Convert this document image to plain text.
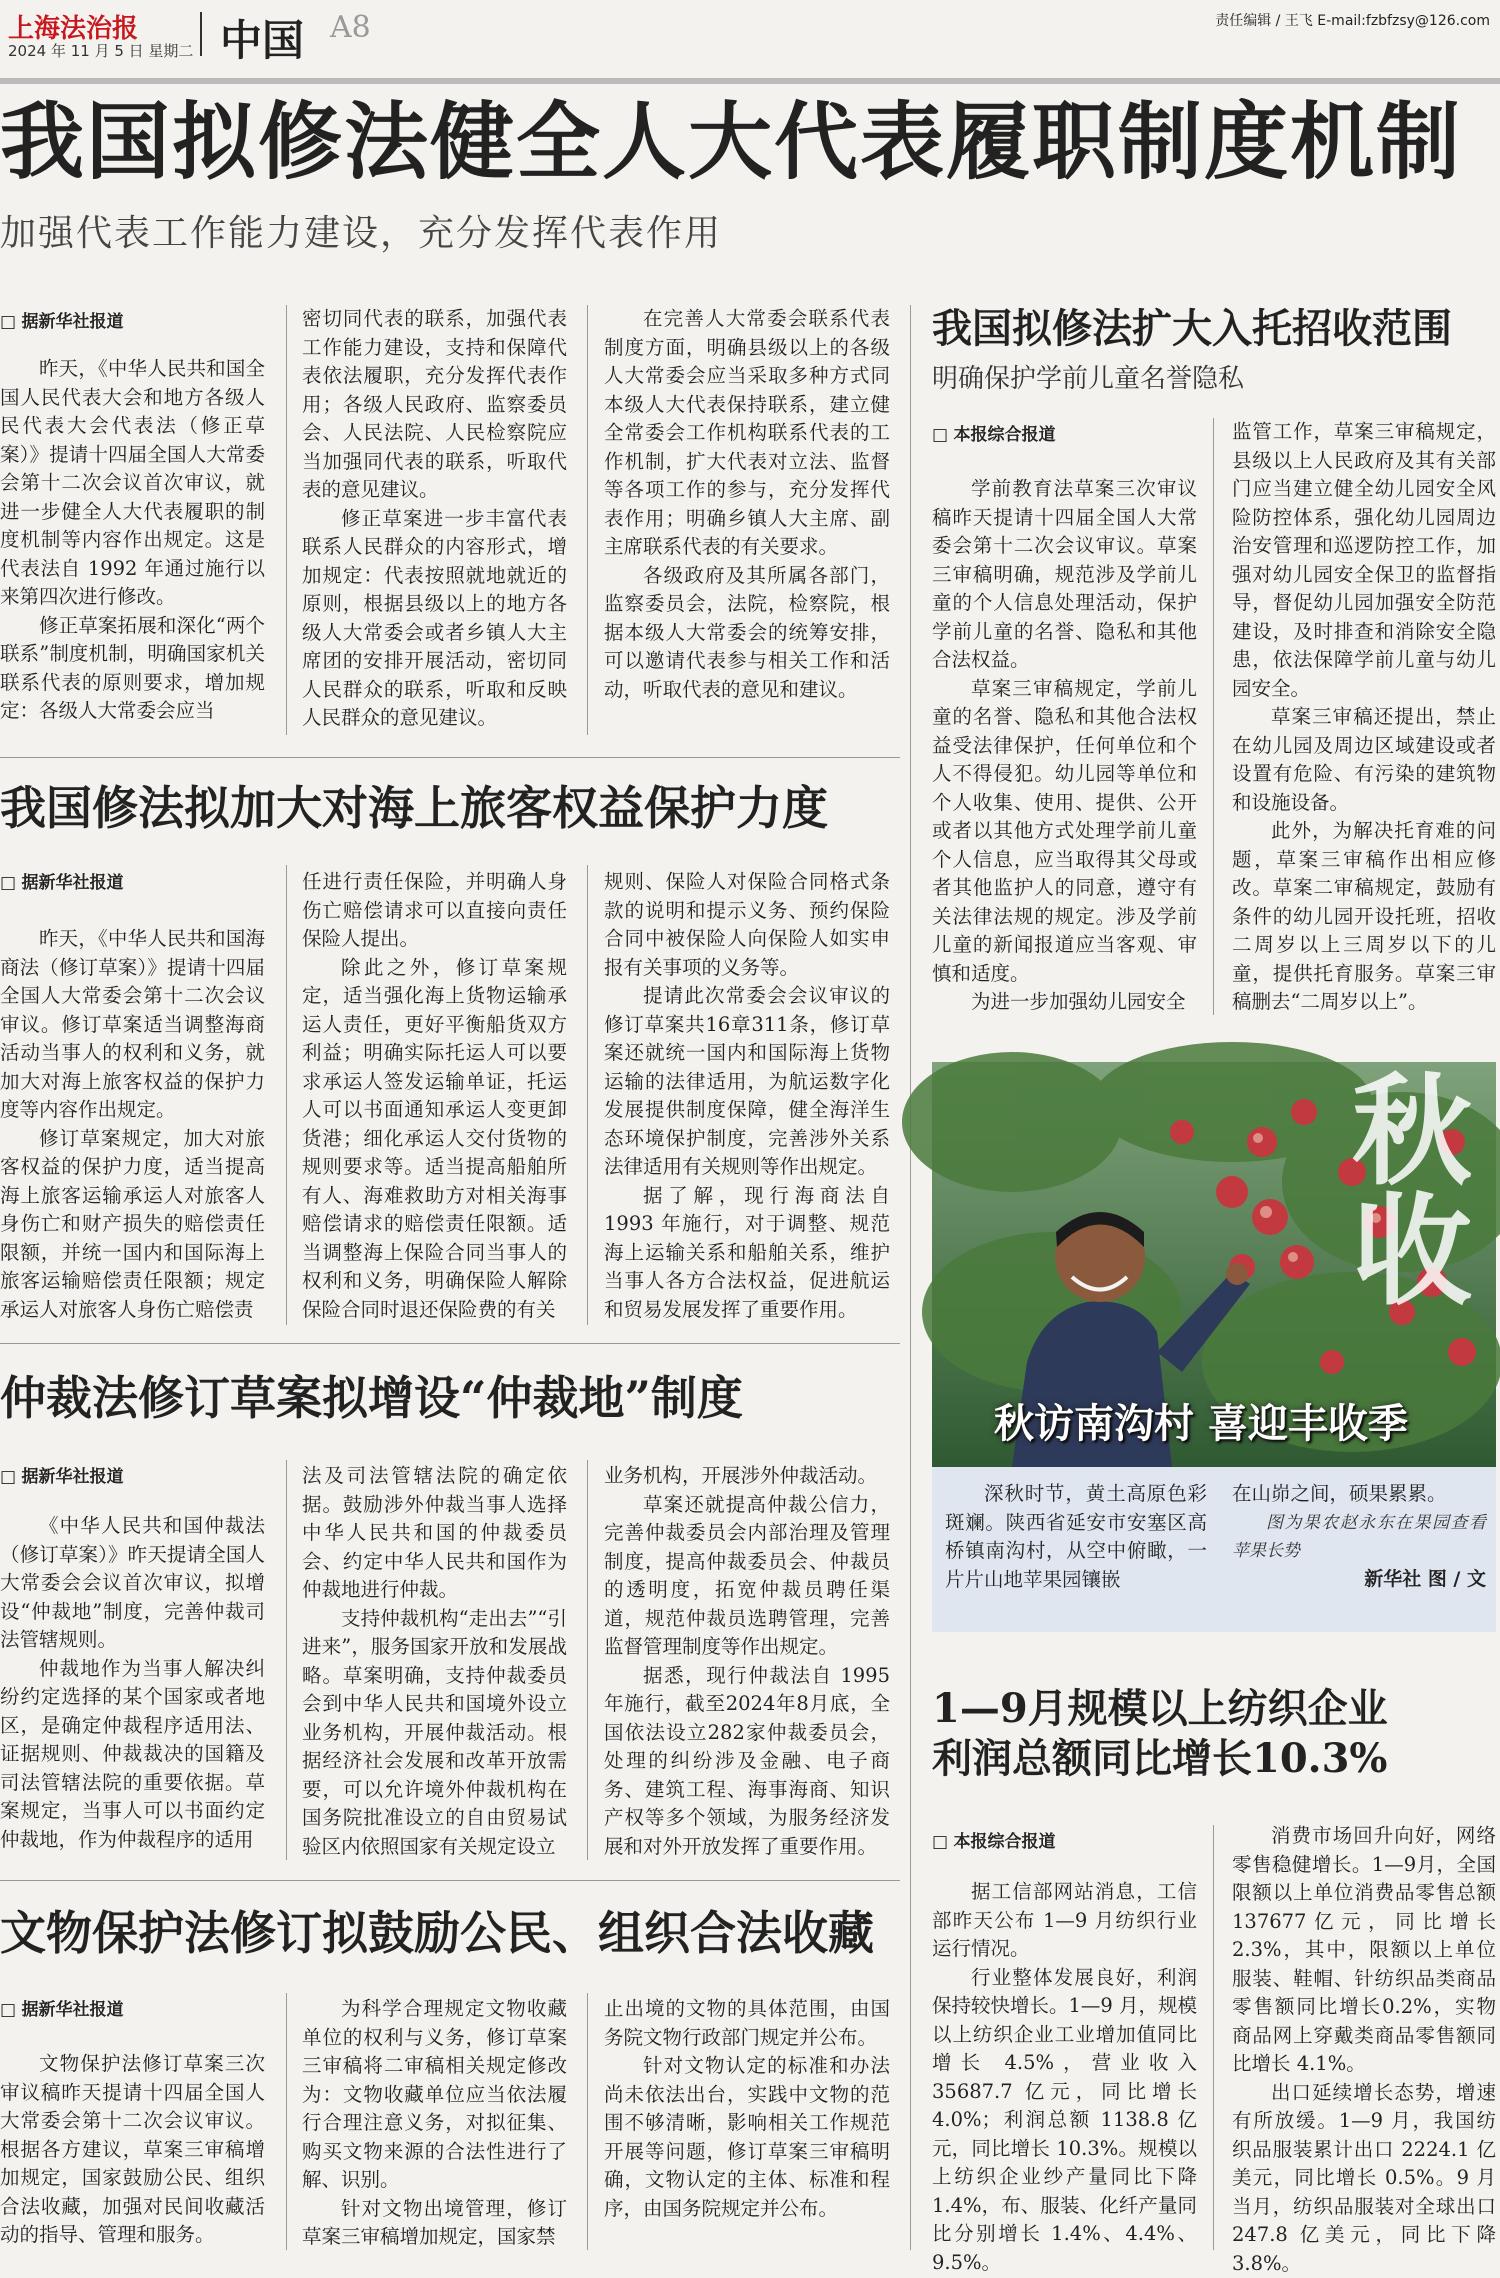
上海法治报
2024 年 11 月 5 日 星期二 中国 A8	责任编辑 / 王飞 E-mail:fzbfzsy@126.com
我国拟修法健全人大代表履职制度机制
加强代表工作能力建设，充分发挥代表作用
□ 据新华社报道

昨天，《中华人民共和国全国人民代表大会和地方各级人民代表大会代表法（修正草案）》提请十四届全国人大常委会第十二次会议首次审议，就进一步健全人大代表履职的制度机制等内容作出规定。这是代表法自 1992 年通过施行以来第四次进行修改。

修正草案拓展和深化“两个联系”制度机制，明确国家机关联系代表的原则要求，增加规定：各级人大常委会应当

密切同代表的联系，加强代表工作能力建设，支持和保障代表依法履职，充分发挥代表作用；各级人民政府、监察委员会、人民法院、人民检察院应当加强同代表的联系，听取代表的意见建议。

修正草案进一步丰富代表联系人民群众的内容形式，增加规定：代表按照就地就近的原则，根据县级以上的地方各级人大常委会或者乡镇人大主席团的安排开展活动，密切同人民群众的联系，听取和反映人民群众的意见建议。

在完善人大常委会联系代表制度方面，明确县级以上的各级人大常委会应当采取多种方式同本级人大代表保持联系，建立健全常委会工作机构联系代表的工作机制，扩大代表对立法、监督等各项工作的参与，充分发挥代表作用；明确乡镇人大主席、副主席联系代表的有关要求。

各级政府及其所属各部门，监察委员会，法院，检察院，根据本级人大常委会的统筹安排，可以邀请代表参与相关工作和活动，听取代表的意见和建议。

我国修法拟加大对海上旅客权益保护力度
□ 据新华社报道

昨天，《中华人民共和国海商法（修订草案）》提请十四届全国人大常委会第十二次会议审议。修订草案适当调整海商活动当事人的权利和义务，就加大对海上旅客权益的保护力度等内容作出规定。

修订草案规定，加大对旅客权益的保护力度，适当提高海上旅客运输承运人对旅客人身伤亡和财产损失的赔偿责任限额，并统一国内和国际海上旅客运输赔偿责任限额；规定承运人对旅客人身伤亡赔偿责

任进行责任保险，并明确人身伤亡赔偿请求可以直接向责任保险人提出。

除此之外，修订草案规定，适当强化海上货物运输承运人责任，更好平衡船货双方利益；明确实际托运人可以要求承运人签发运输单证，托运人可以书面通知承运人变更卸货港；细化承运人交付货物的规则要求等。适当提高船舶所有人、海难救助方对相关海事赔偿请求的赔偿责任限额。适当调整海上保险合同当事人的权利和义务，明确保险人解除保险合同时退还保险费的有关

规则、保险人对保险合同格式条款的说明和提示义务、预约保险合同中被保险人向保险人如实申报有关事项的义务等。

提请此次常委会会议审议的修订草案共16章311条，修订草案还就统一国内和国际海上货物运输的法律适用，为航运数字化发展提供制度保障，健全海洋生态环境保护制度，完善涉外关系法律适用有关规则等作出规定。

据了解，现行海商法自 1993 年施行，对于调整、规范海上运输关系和船舶关系，维护当事人各方合法权益，促进航运和贸易发展发挥了重要作用。

仲裁法修订草案拟增设“仲裁地”制度
□ 据新华社报道

《中华人民共和国仲裁法（修订草案）》昨天提请全国人大常委会会议首次审议，拟增设“仲裁地”制度，完善仲裁司法管辖规则。

仲裁地作为当事人解决纠纷约定选择的某个国家或者地区，是确定仲裁程序适用法、证据规则、仲裁裁决的国籍及司法管辖法院的重要依据。草案规定，当事人可以书面约定仲裁地，作为仲裁程序的适用

法及司法管辖法院的确定依据。鼓励涉外仲裁当事人选择中华人民共和国的仲裁委员会、约定中华人民共和国作为仲裁地进行仲裁。

支持仲裁机构“走出去”“引进来”，服务国家开放和发展战略。草案明确，支持仲裁委员会到中华人民共和国境外设立业务机构，开展仲裁活动。根据经济社会发展和改革开放需要，可以允许境外仲裁机构在国务院批准设立的自由贸易试验区内依照国家有关规定设立

业务机构，开展涉外仲裁活动。

草案还就提高仲裁公信力，完善仲裁委员会内部治理及管理制度，提高仲裁委员会、仲裁员的透明度，拓宽仲裁员聘任渠道，规范仲裁员选聘管理，完善监督管理制度等作出规定。

据悉，现行仲裁法自 1995 年施行，截至2024年8月底，全国依法设立282家仲裁委员会，处理的纠纷涉及金融、电子商务、建筑工程、海事海商、知识产权等多个领域，为服务经济发展和对外开放发挥了重要作用。

文物保护法修订拟鼓励公民、组织合法收藏
□ 据新华社报道

文物保护法修订草案三次审议稿昨天提请十四届全国人大常委会第十二次会议审议。根据各方建议，草案三审稿增加规定，国家鼓励公民、组织合法收藏，加强对民间收藏活动的指导、管理和服务。

为科学合理规定文物收藏单位的权利与义务，修订草案三审稿将二审稿相关规定修改为：文物收藏单位应当依法履行合理注意义务，对拟征集、购买文物来源的合法性进行了解、识别。

针对文物出境管理，修订草案三审稿增加规定，国家禁

止出境的文物的具体范围，由国务院文物行政部门规定并公布。

针对文物认定的标准和办法尚未依法出台，实践中文物的范围不够清晰，影响相关工作规范开展等问题，修订草案三审稿明确，文物认定的主体、标准和程序，由国务院规定并公布。

我国拟修法扩大入托招收范围
明确保护学前儿童名誉隐私
□ 本报综合报道

学前教育法草案三次审议稿昨天提请十四届全国人大常委会第十二次会议审议。草案三审稿明确，规范涉及学前儿童的个人信息处理活动，保护学前儿童的名誉、隐私和其他合法权益。

草案三审稿规定，学前儿童的名誉、隐私和其他合法权益受法律保护，任何单位和个人不得侵犯。幼儿园等单位和个人收集、使用、提供、公开或者以其他方式处理学前儿童个人信息，应当取得其父母或者其他监护人的同意，遵守有关法律法规的规定。涉及学前儿童的新闻报道应当客观、审慎和适度。

为进一步加强幼儿园安全

监管工作，草案三审稿规定，县级以上人民政府及其有关部门应当建立健全幼儿园安全风险防控体系，强化幼儿园周边治安管理和巡逻防控工作，加强对幼儿园安全保卫的监督指导，督促幼儿园加强安全防范建设，及时排查和消除安全隐患，依法保障学前儿童与幼儿园安全。

草案三审稿还提出，禁止在幼儿园及周边区域建设或者设置有危险、有污染的建筑物和设施设备。

此外，为解决托育难的问题，草案三审稿作出相应修改。草案二审稿规定，鼓励有条件的幼儿园开设托班，招收二周岁以上三周岁以下的儿童，提供托育服务。草案三审稿删去“二周岁以上”。

秋收
秋访南沟村 喜迎丰收季

深秋时节，黄土高原色彩斑斓。陕西省延安市安塞区高桥镇南沟村，从空中俯瞰，一片片山地苹果园镶嵌

在山峁之间，硕果累累。

图为果农赵永东在果园查看苹果长势
新华社 图 / 文
1—9月规模以上纺织企业
利润总额同比增长10.3%
□ 本报综合报道

据工信部网站消息，工信部昨天公布 1—9 月纺织行业运行情况。

行业整体发展良好，利润保持较快增长。1—9 月，规模以上纺织企业工业增加值同比增长 4.5%，营业收入 35687.7 亿元，同比增长 4.0%；利润总额 1138.8 亿元，同比增长 10.3%。规模以上纺织企业纱产量同比下降 1.4%，布、服装、化纤产量同比分别增长 1.4%、4.4%、9.5%。

消费市场回升向好，网络零售稳健增长。1—9月，全国限额以上单位消费品零售总额137677亿元，同比增长2.3%，其中，限额以上单位服装、鞋帽、针纺织品类商品零售额同比增长0.2%，实物商品网上穿戴类商品零售额同比增长 4.1%。

出口延续增长态势，增速有所放缓。1—9 月，我国纺织品服装累计出口 2224.1 亿美元，同比增长 0.5%。9 月当月，纺织品服装对全球出口 247.8 亿美元，同比下降 3.8%。
